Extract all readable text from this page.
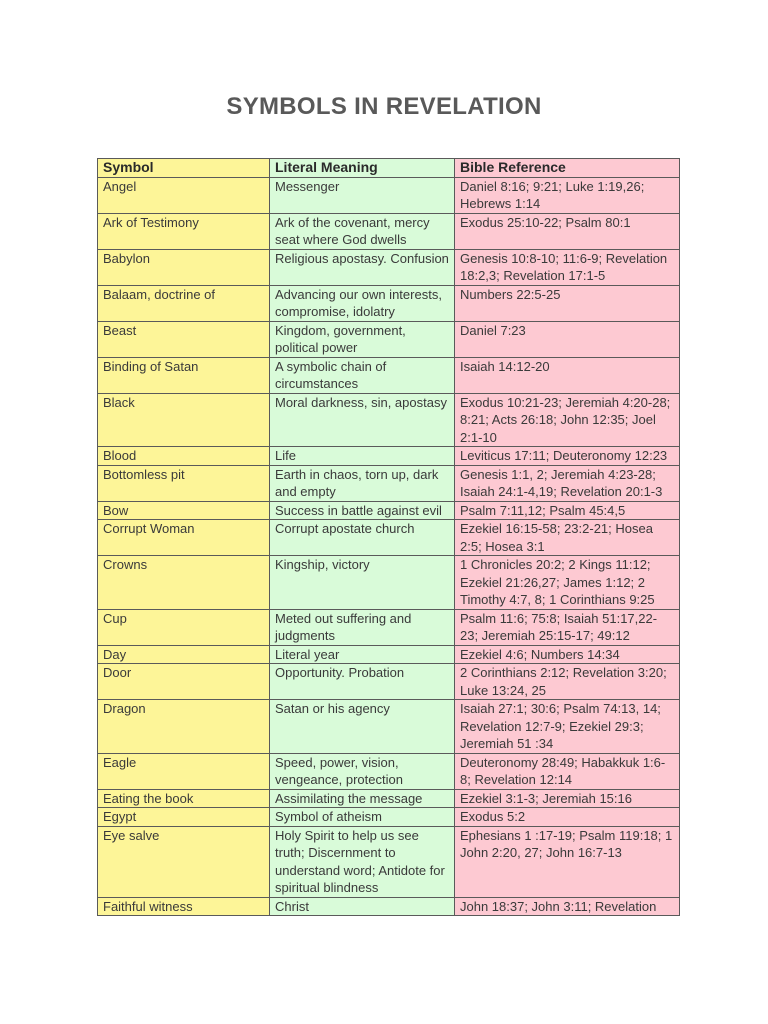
SYMBOLS IN REVELATION
Symbol	Literal Meaning	Bible Reference
Angel	Messenger	Daniel 8:16; 9:21; Luke 1:19,26; Hebrews 1:14
Ark of Testimony	Ark of the covenant, mercy seat where God dwells	Exodus 25:10-22; Psalm 80:1
Babylon	Religious apostasy. Confusion	Genesis 10:8-10; 11:6-9; Revelation 18:2,3; Revelation 17:1-5
Balaam, doctrine of	Advancing our own interests, compromise, idolatry	Numbers 22:5-25
Beast	Kingdom, government, political power	Daniel 7:23
Binding of Satan	A symbolic chain of circumstances	Isaiah 14:12-20
Black	Moral darkness, sin, apostasy	Exodus 10:21-23; Jeremiah 4:20-28; 8:21; Acts 26:18; John 12:35; Joel 2:1-10
Blood	Life	Leviticus 17:11; Deuteronomy 12:23
Bottomless pit	Earth in chaos, torn up, dark and empty	Genesis 1:1, 2; Jeremiah 4:23-28; Isaiah 24:1-4,19; Revelation 20:1-3
Bow	Success in battle against evil	Psalm 7:11,12; Psalm 45:4,5
Corrupt Woman	Corrupt apostate church	Ezekiel 16:15-58; 23:2-21; Hosea 2:5; Hosea 3:1
Crowns	Kingship, victory	1 Chronicles 20:2; 2 Kings 11:12; Ezekiel 21:26,27; James 1:12; 2 Timothy 4:7, 8; 1 Corinthians 9:25
Cup	Meted out suffering and judgments	Psalm 11:6; 75:8; Isaiah 51:17,22-23; Jeremiah 25:15-17; 49:12
Day	Literal year	Ezekiel 4:6; Numbers 14:34
Door	Opportunity. Probation	2 Corinthians 2:12; Revelation 3:20; Luke 13:24, 25
Dragon	Satan or his agency	Isaiah 27:1; 30:6; Psalm 74:13, 14; Revelation 12:7-9; Ezekiel 29:3; Jeremiah 51 :34
Eagle	Speed, power, vision, vengeance, protection	Deuteronomy 28:49; Habakkuk 1:6-8; Revelation 12:14
Eating the book	Assimilating the message	Ezekiel 3:1-3; Jeremiah 15:16
Egypt	Symbol of atheism	Exodus 5:2
Eye salve	Holy Spirit to help us see truth; Discernment to understand word; Antidote for spiritual blindness	Ephesians 1 :17-19; Psalm 119:18; 1 John 2:20, 27; John 16:7-13
Faithful witness	Christ	John 18:37; John 3:11; Revelation
